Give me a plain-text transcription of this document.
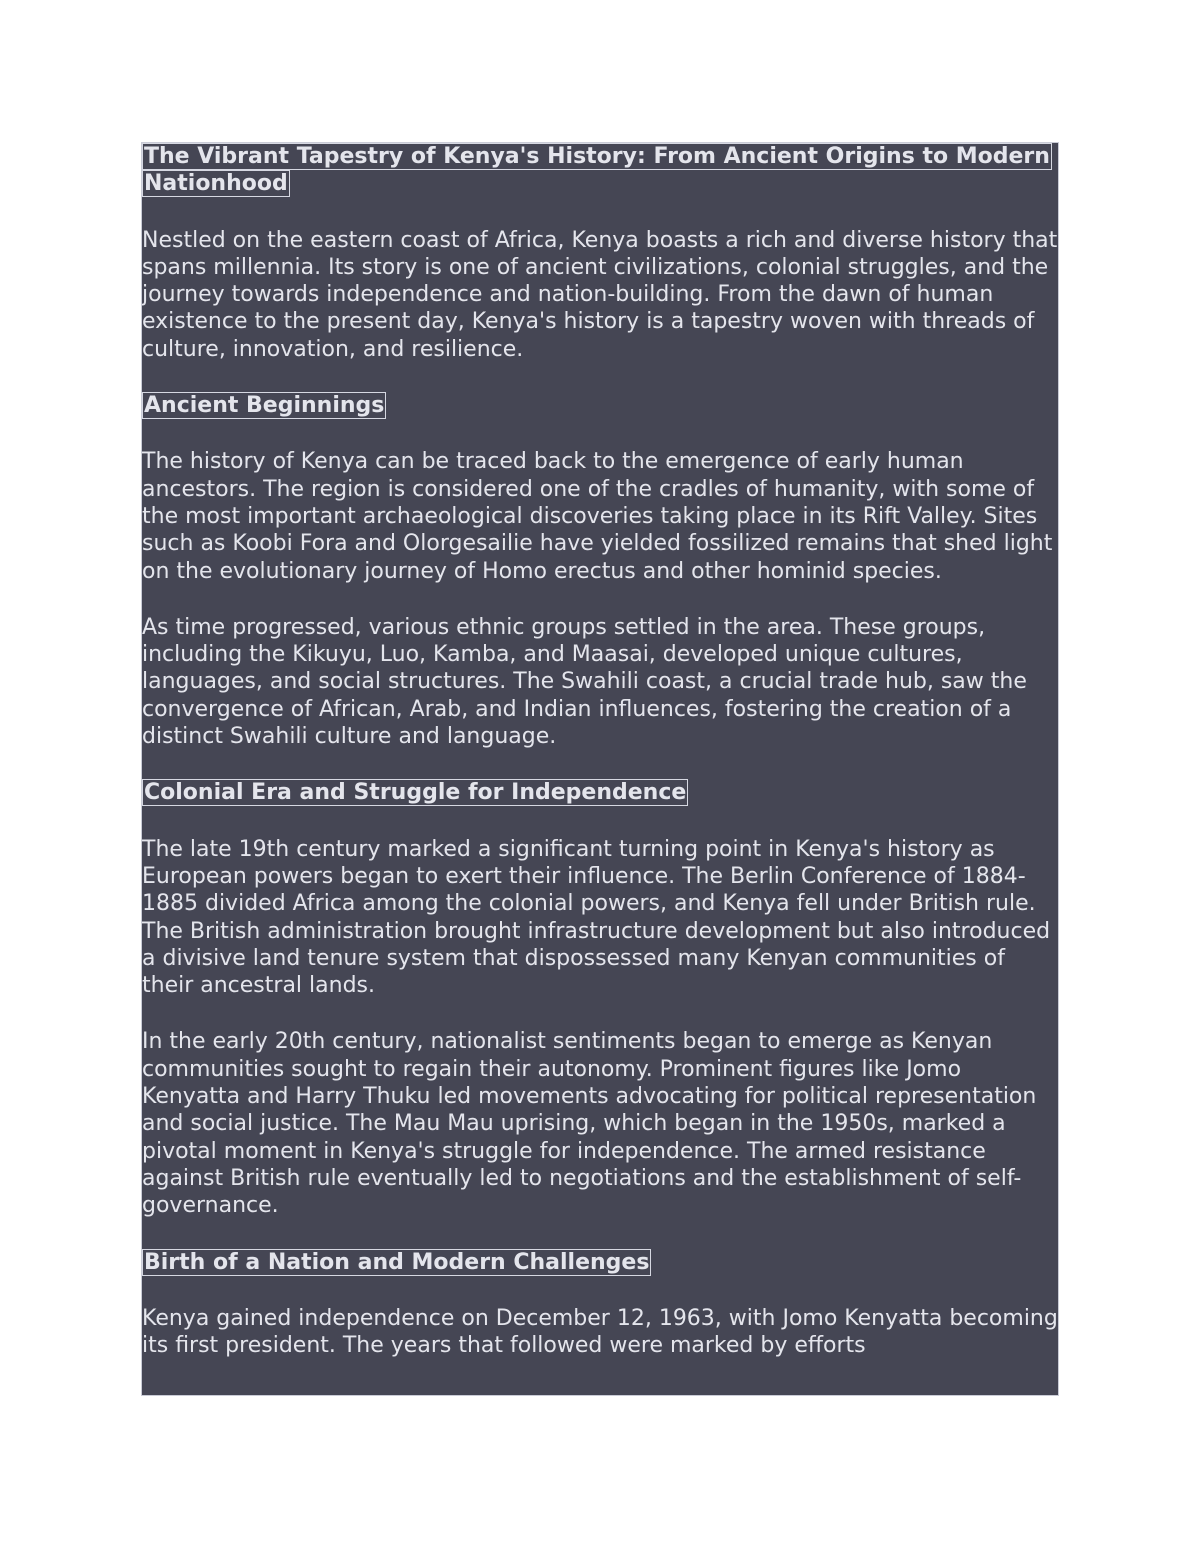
The Vibrant Tapestry of Kenya's History: From Ancient Origins to Modern Nationhood

Nestled on the eastern coast of Africa, Kenya boasts a rich and diverse history that spans millennia. Its story is one of ancient civilizations, colonial struggles, and the journey towards independence and nation-building. From the dawn of human existence to the present day, Kenya's history is a tapestry woven with threads of culture, innovation, and resilience.

Ancient Beginnings

The history of Kenya can be traced back to the emergence of early human ancestors. The region is considered one of the cradles of humanity, with some of the most important archaeological discoveries taking place in its Rift Valley. Sites such as Koobi Fora and Olorgesailie have yielded fossilized remains that shed light on the evolutionary journey of Homo erectus and other hominid species.

As time progressed, various ethnic groups settled in the area. These groups, including the Kikuyu, Luo, Kamba, and Maasai, developed unique cultures, languages, and social structures. The Swahili coast, a crucial trade hub, saw the convergence of African, Arab, and Indian influences, fostering the creation of a distinct Swahili culture and language.

Colonial Era and Struggle for Independence

The late 19th century marked a significant turning point in Kenya's history as European powers began to exert their influence. The Berlin Conference of 1884-1885 divided Africa among the colonial powers, and Kenya fell under British rule. The British administration brought infrastructure development but also introduced a divisive land tenure system that dispossessed many Kenyan communities of their ancestral lands.

In the early 20th century, nationalist sentiments began to emerge as Kenyan communities sought to regain their autonomy. Prominent figures like Jomo Kenyatta and Harry Thuku led movements advocating for political representation and social justice. The Mau Mau uprising, which began in the 1950s, marked a pivotal moment in Kenya's struggle for independence. The armed resistance against British rule eventually led to negotiations and the establishment of self-governance.

Birth of a Nation and Modern Challenges

Kenya gained independence on December 12, 1963, with Jomo Kenyatta becoming its first president. The years that followed were marked by efforts
